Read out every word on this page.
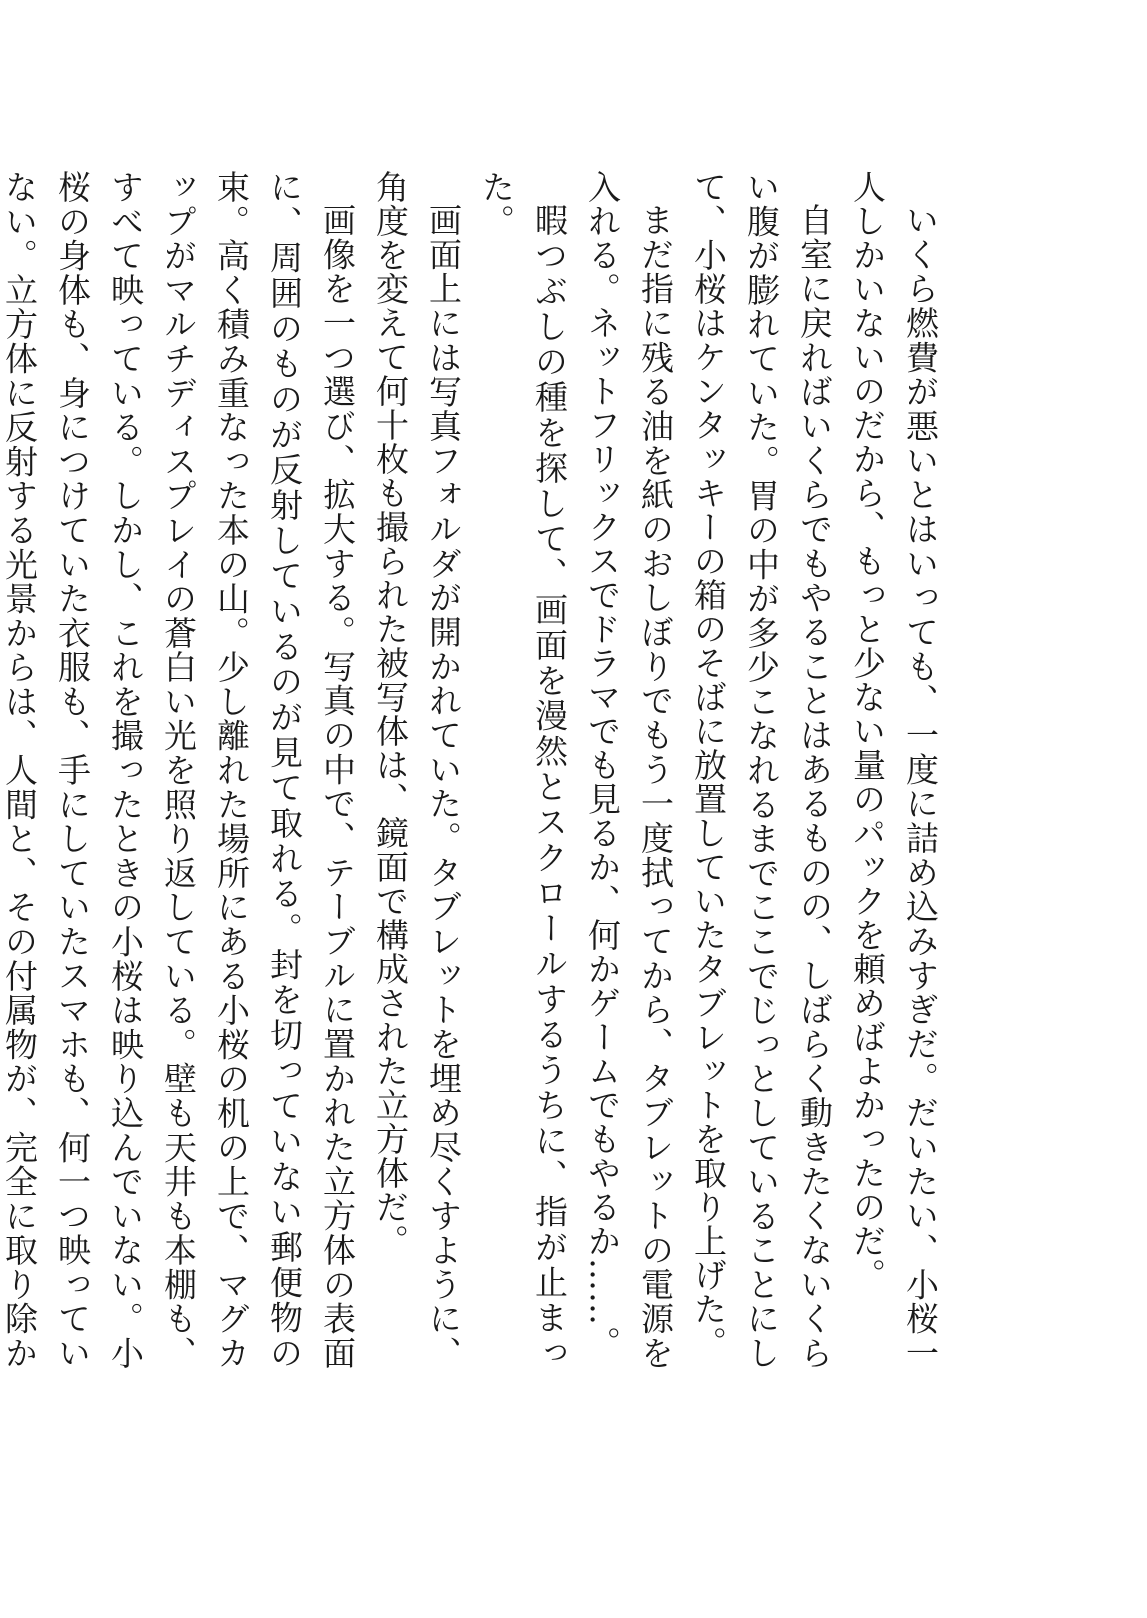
いくら燃費が悪いとはいっても、一度に詰め込みすぎだ。だいたい、小桜一人しかいないのだから、もっと少ない量のパックを頼めばよかったのだ。

自室に戻ればいくらでもやることはあるものの、しばらく動きたくないくらい腹が膨れていた。胃の中が多少こなれるまでここでじっとしていることにして、小桜はケンタッキーの箱のそばに放置していたタブレットを取り上げた。

まだ指に残る油を紙のおしぼりでもう一度拭ってから、タブレットの電源を入れる。ネットフリックスでドラマでも見るか、何かゲームでもやるか……。

暇つぶしの種を探して、画面を漫然とスクロールするうちに、指が止まった。

画面上には写真フォルダが開かれていた。タブレットを埋め尽くすように、角度を変えて何十枚も撮られた被写体は、鏡面で構成された立方体だ。

画像を一つ選び、拡大する。写真の中で、テーブルに置かれた立方体の表面に、周囲のものが反射しているのが見て取れる。封を切っていない郵便物の束。高く積み重なった本の山。少し離れた場所にある小桜の机の上で、マグカップがマルチディスプレイの蒼白い光を照り返している。壁も天井も本棚も、すべて映っている。しかし、これを撮ったときの小桜は映り込んでいない。小桜の身体も、身につけていた衣服も、手にしていたスマホも、何一つ映っていない。立方体に反射する光景からは、人間と、その付属物が、完全に取り除か
